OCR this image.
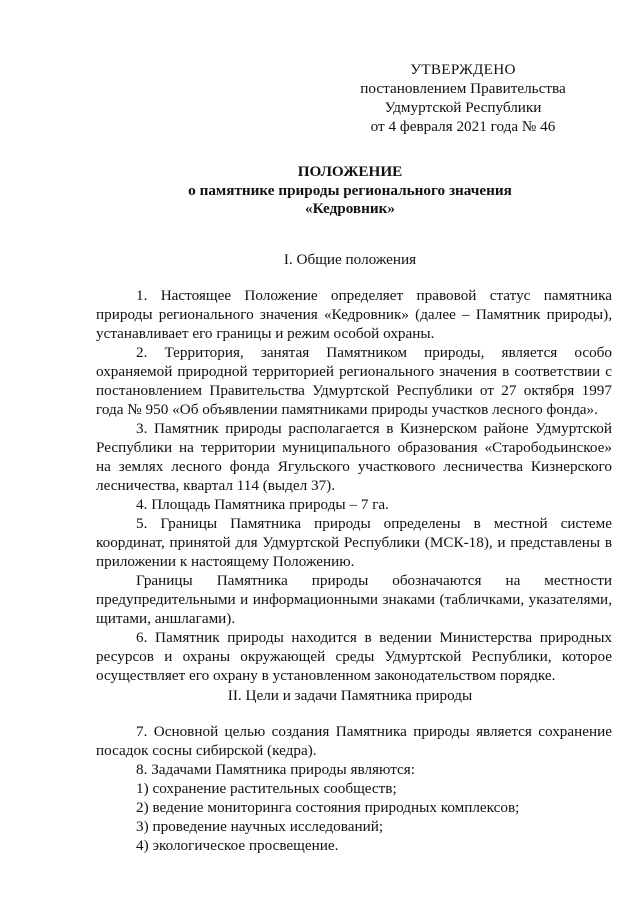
УТВЕРЖДЕНО
постановлением Правительства
Удмуртской Республики
от 4 февраля 2021 года № 46
ПОЛОЖЕНИЕ
о памятнике природы регионального значения
«Кедровник»
I. Общие положения

1. Настоящее Положение определяет правовой статус памятника природы регионального значения «Кедровник» (далее – Памятник природы), устанавливает его границы и режим особой охраны.

2. Территория, занятая Памятником природы, является особо охраняемой природной территорией регионального значения в соответствии с постановлением Правительства Удмуртской Республики от 27 октября 1997 года № 950 «Об объявлении памятниками природы участков лесного фонда».

3. Памятник природы располагается в Кизнерском районе Удмуртской Республики на территории муниципального образования «Старободьинское» на землях лесного фонда Ягульского участкового лесничества Кизнерского лесничества, квартал 114 (выдел 37).

4. Площадь Памятника природы – 7 га.

5. Границы Памятника природы определены в местной системе координат, принятой для Удмуртской Республики (МСК-18), и представлены в приложении к настоящему Положению.

Границы Памятника природы обозначаются на местности предупредительными и информационными знаками (табличками, указателями, щитами, аншлагами).

6. Памятник природы находится в ведении Министерства природных ресурсов и охраны окружающей среды Удмуртской Республики, которое осуществляет его охрану в установленном законодательством порядке.

II. Цели и задачи Памятника природы

7. Основной целью создания Памятника природы является сохранение посадок сосны сибирской (кедра).

8. Задачами Памятника природы являются:

1) сохранение растительных сообществ;

2) ведение мониторинга состояния природных комплексов;

3) проведение научных исследований;

4) экологическое просвещение.
